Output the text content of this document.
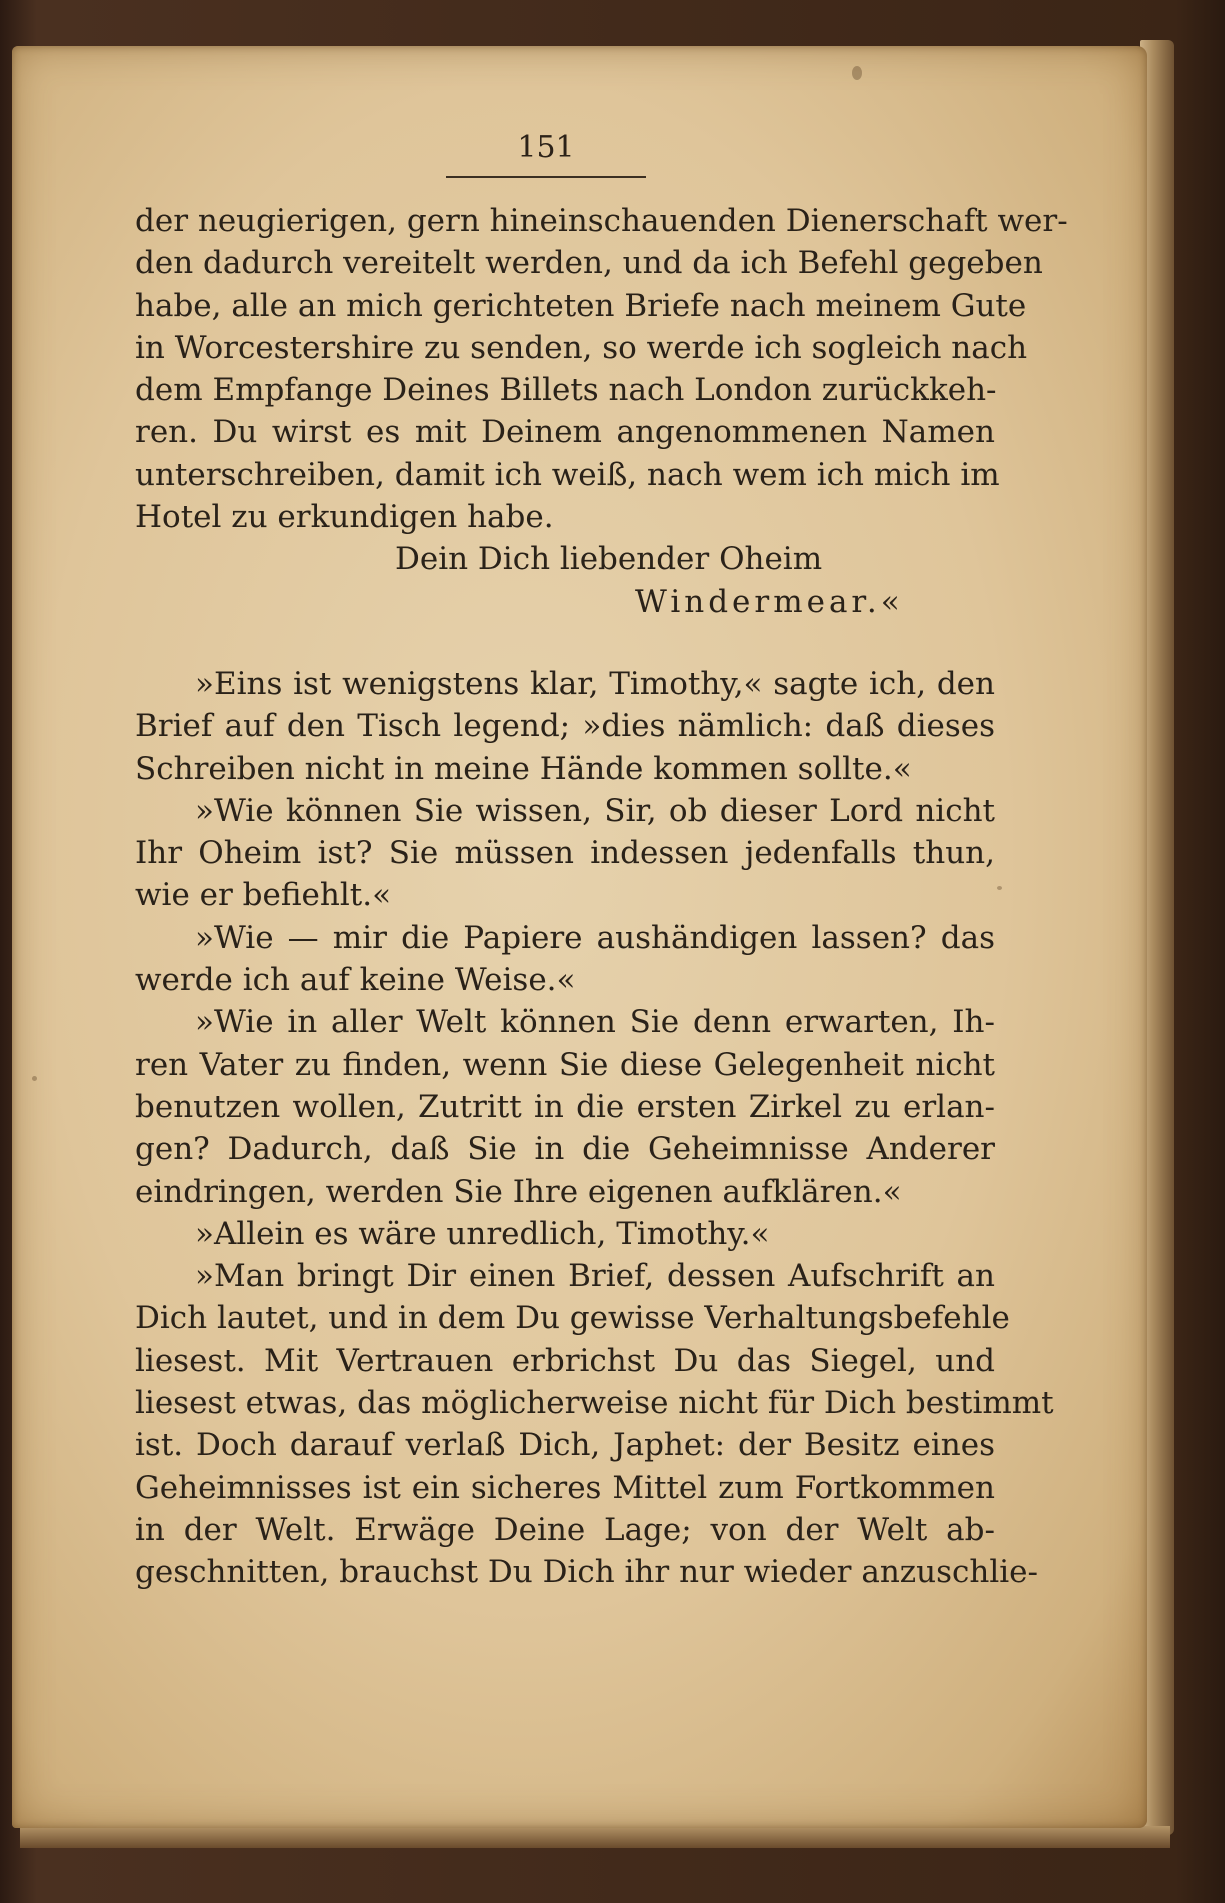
151
der neugierigen, gern hineinschauenden Dienerschaft wer-
den dadurch vereitelt werden, und da ich Befehl gegeben
habe, alle an mich gerichteten Briefe nach meinem Gute
in Worcestershire zu senden, so werde ich sogleich nach
dem Empfange Deines Billets nach London zurückkeh-
ren. Du wirst es mit Deinem angenommenen Namen
unterschreiben, damit ich weiß, nach wem ich mich im
Hotel zu erkundigen habe.
Dein Dich liebender Oheim
Windermear.«
»Eins ist wenigstens klar, Timothy,« sagte ich, den
Brief auf den Tisch legend; »dies nämlich: daß dieses
Schreiben nicht in meine Hände kommen sollte.«
»Wie können Sie wissen, Sir, ob dieser Lord nicht
Ihr Oheim ist? Sie müssen indessen jedenfalls thun,
wie er befiehlt.«
»Wie — mir die Papiere aushändigen lassen? das
werde ich auf keine Weise.«
»Wie in aller Welt können Sie denn erwarten, Ih-
ren Vater zu finden, wenn Sie diese Gelegenheit nicht
benutzen wollen, Zutritt in die ersten Zirkel zu erlan-
gen? Dadurch, daß Sie in die Geheimnisse Anderer
eindringen, werden Sie Ihre eigenen aufklären.«
»Allein es wäre unredlich, Timothy.«
»Man bringt Dir einen Brief, dessen Aufschrift an
Dich lautet, und in dem Du gewisse Verhaltungsbefehle
liesest. Mit Vertrauen erbrichst Du das Siegel, und
liesest etwas, das möglicherweise nicht für Dich bestimmt
ist. Doch darauf verlaß Dich, Japhet: der Besitz eines
Geheimnisses ist ein sicheres Mittel zum Fortkommen
in der Welt. Erwäge Deine Lage; von der Welt ab-
geschnitten, brauchst Du Dich ihr nur wieder anzuschlie-
